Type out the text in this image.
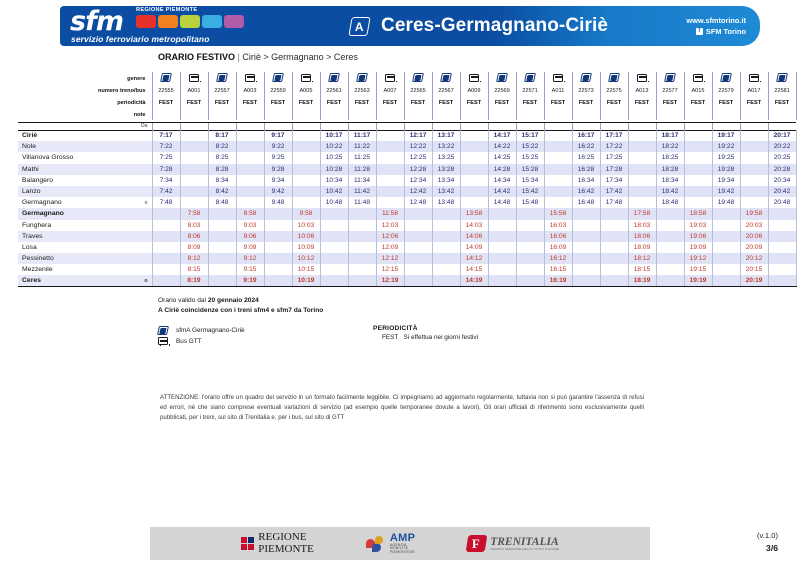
sfm
servizio ferroviario metropolitano
REGIONE PIEMONTE
A Ceres-Germagnano-Ciriè	www.sfmtorino.it
f SFM Torino
ORARIO FESTIVO | Ciriè > Germagnano > Ceres
genere																								
numero treno/bus		22555	A001	22557	A003	22559	A005	22561	22563	A007	22565	22567	A009	22569	22571	A011	22573	22575	A013	22577	A015	22579	A017	22581
periodicità		FEST	FEST	FEST	FEST	FEST	FEST	FEST	FEST	FEST	FEST	FEST	FEST	FEST	FEST	FEST	FEST	FEST	FEST	FEST	FEST	FEST	FEST	FEST
note																								

	Da																							
Ciriè		7:17		8:17		9:17		10:17	11:17		12:17	13:17		14:17	15:17		16:17	17:17		18:17		19:17		20:17
Nole		7:22		8:22		9:22		10:22	11:22		12:22	13:22		14:22	15:22		16:22	17:22		18:22		19:22		20:22
Villanova Grosso		7:25		8:25		9:25		10:25	11:25		12:25	13:25		14:25	15:25		16:25	17:25		18:25		19:25		20:25
Mathi		7:28		8:28		9:28		10:28	11:28		12:28	13:28		14:28	15:28		16:28	17:28		18:28		19:28		20:28
Balangero		7:34		8:34		9:34		10:34	11:34		12:34	13:34		14:34	15:34		16:34	17:34		18:34		19:34		20:34
Lanzo		7:42		8:42		9:42		10:42	11:42		12:42	13:42		14:42	15:42		16:42	17:42		18:42		19:42		20:42
Germagnano	o	7:48		8:48		9:48		10:48	11:48		12:48	13:48		14:48	15:48		16:48	17:48		18:48		19:48		20:48
Germagnano			7:58		8:58		9:58			11:58			13:58			15:58			17:58		18:58		19:58	
Funghera			8:03		9:03		10:03			12:03			14:03			16:03			18:03		19:03		20:03	
Traves			8:06		9:06		10:06			12:06			14:06			16:06			18:06		19:06		20:06	
Losa			8:09		9:09		10:09			12:09			14:09			16:09			18:09		19:09		20:09	
Pessinetto			8:12		9:12		10:12			12:12			14:12			16:12			18:12		19:12		20:12	
Mezzenile			8:15		9:15		10:15			12:15			14:15			16:15			18:15		19:15		20:15	
Ceres	o		8:19		9:19		10:19			12:19			14:19			16:19			18:19		19:19		20:19	
Orario valido dal 20 gennaio 2024
A Ciriè coincidenze con i treni sfm4 e sfm7 da Torino
sfmA Germagnano-Ciriè
Bus GTT
PERIODICITÀ
FEST Si effettua nei giorni festivi
ATTENZIONE: l'orario offre un quadro del servizio in un formato facilmente leggibile. Ci impegniamo ad aggiornarlo regolarmente, tuttavia non si può garantire l'assenza di refusi ed errori, né che siano comprese eventuali variazioni di servizio (ad esempio quelle temporanee dovute a lavori). Gli orari ufficiali di riferimento sono esclusivamente quelli pubblicati, per i treni, sul sito di Trenitalia e, per i bus, sul sito di GTT
REGIONE
PIEMONTE
AMP
AGENZIA
MOBILITÀ
PIEMONTESE
F
TRENITALIA
GRUPPO FERROVIE DELLO STATO ITALIANE
(v.1.0)
3/6
